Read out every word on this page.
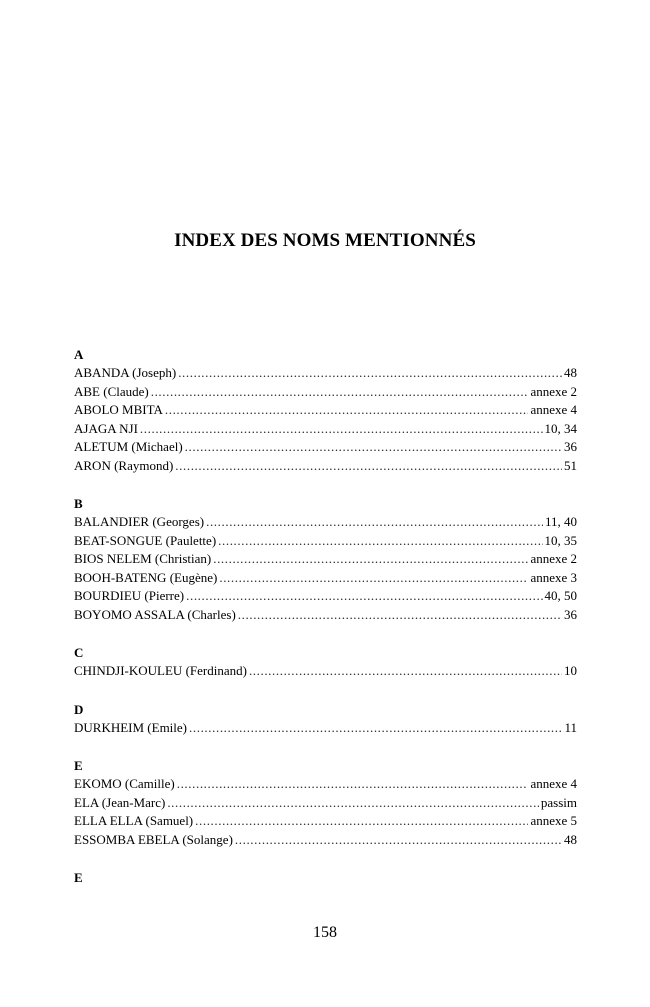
INDEX DES NOMS MENTIONNÉS
A
ABANDA (Joseph) .....	48
ABE (Claude) .....	annexe 2
ABOLO MBITA .....	annexe 4
AJAGA NJI .....	10, 34
ALETUM (Michael) .....	36
ARON (Raymond) .....	51
B
BALANDIER (Georges) .....	11, 40
BEAT-SONGUE (Paulette) .....	10, 35
BIOS NELEM (Christian) .....	annexe 2
BOOH-BATENG (Eugène) .....	annexe 3
BOURDIEU (Pierre) .....	40, 50
BOYOMO ASSALA (Charles) .....	36
C
CHINDJI-KOULEU (Ferdinand) .....	10
D
DURKHEIM (Emile) .....	11
E
EKOMO (Camille) .....	annexe 4
ELA (Jean-Marc) .....	passim
ELLA ELLA (Samuel) .....	annexe 5
ESSOMBA EBELA (Solange) .....	48
E
158
